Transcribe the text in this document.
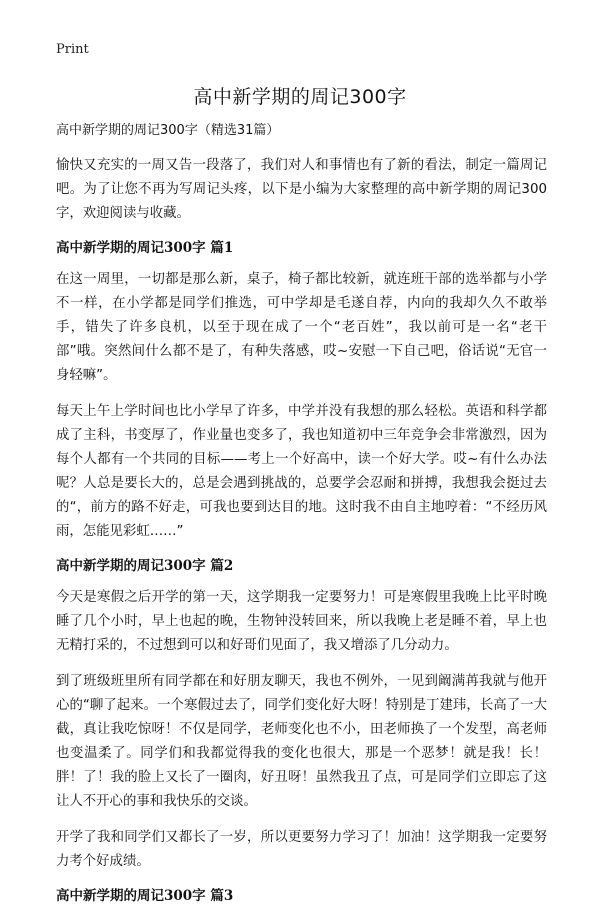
Print
高中新学期的周记300字
高中新学期的周记300字（精选31篇）

愉快又充实的一周又告一段落了，我们对人和事情也有了新的看法，制定一篇周记吧。为了让您不再为写周记头疼，以下是小编为大家整理的高中新学期的周记300字，欢迎阅读与收藏。

高中新学期的周记300字 篇1

在这一周里，一切都是那么新，桌子，椅子都比较新，就连班干部的选举都与小学不一样，在小学都是同学们推选，可中学却是毛遂自荐，内向的我却久久不敢举手，错失了许多良机，以至于现在成了一个“老百姓”，我以前可是一名“老干部”哦。突然间什么都不是了，有种失落感，哎~安慰一下自己吧，俗话说“无官一身轻嘛”。

每天上午上学时间也比小学早了许多，中学并没有我想的那么轻松。英语和科学都成了主科，书变厚了，作业量也变多了，我也知道初中三年竞争会非常激烈，因为每个人都有一个共同的目标——考上一个好高中，读一个好大学。哎~有什么办法呢？人总是要长大的，总是会遇到挑战的，总要学会忍耐和拼搏，我想我会挺过去的“，前方的路不好走，可我也要到达目的地。这时我不由自主地哼着：“不经历风雨，怎能见彩虹……”

高中新学期的周记300字 篇2

今天是寒假之后开学的第一天，这学期我一定要努力！可是寒假里我晚上比平时晚睡了几个小时，早上也起的晚，生物钟没转回来，所以我晚上老是睡不着，早上也无精打采的，不过想到可以和好哥们见面了，我又增添了几分动力。

到了班级班里所有同学都在和好朋友聊天，我也不例外，一见到阚满苒我就与他开心的“聊了起来。一个寒假过去了，同学们变化好大呀！特别是丁建玮，长高了一大截，真让我吃惊呀！不仅是同学，老师变化也不小，田老师换了一个发型，高老师也变温柔了。同学们和我都觉得我的变化也很大，那是一个恶梦！就是我！长！胖！了！我的脸上又长了一圈肉，好丑呀！虽然我丑了点，可是同学们立即忘了这让人不开心的事和我快乐的交谈。

开学了我和同学们又都长了一岁，所以更要努力学习了！加油！这学期我一定要努力考个好成绩。

高中新学期的周记300字 篇3
